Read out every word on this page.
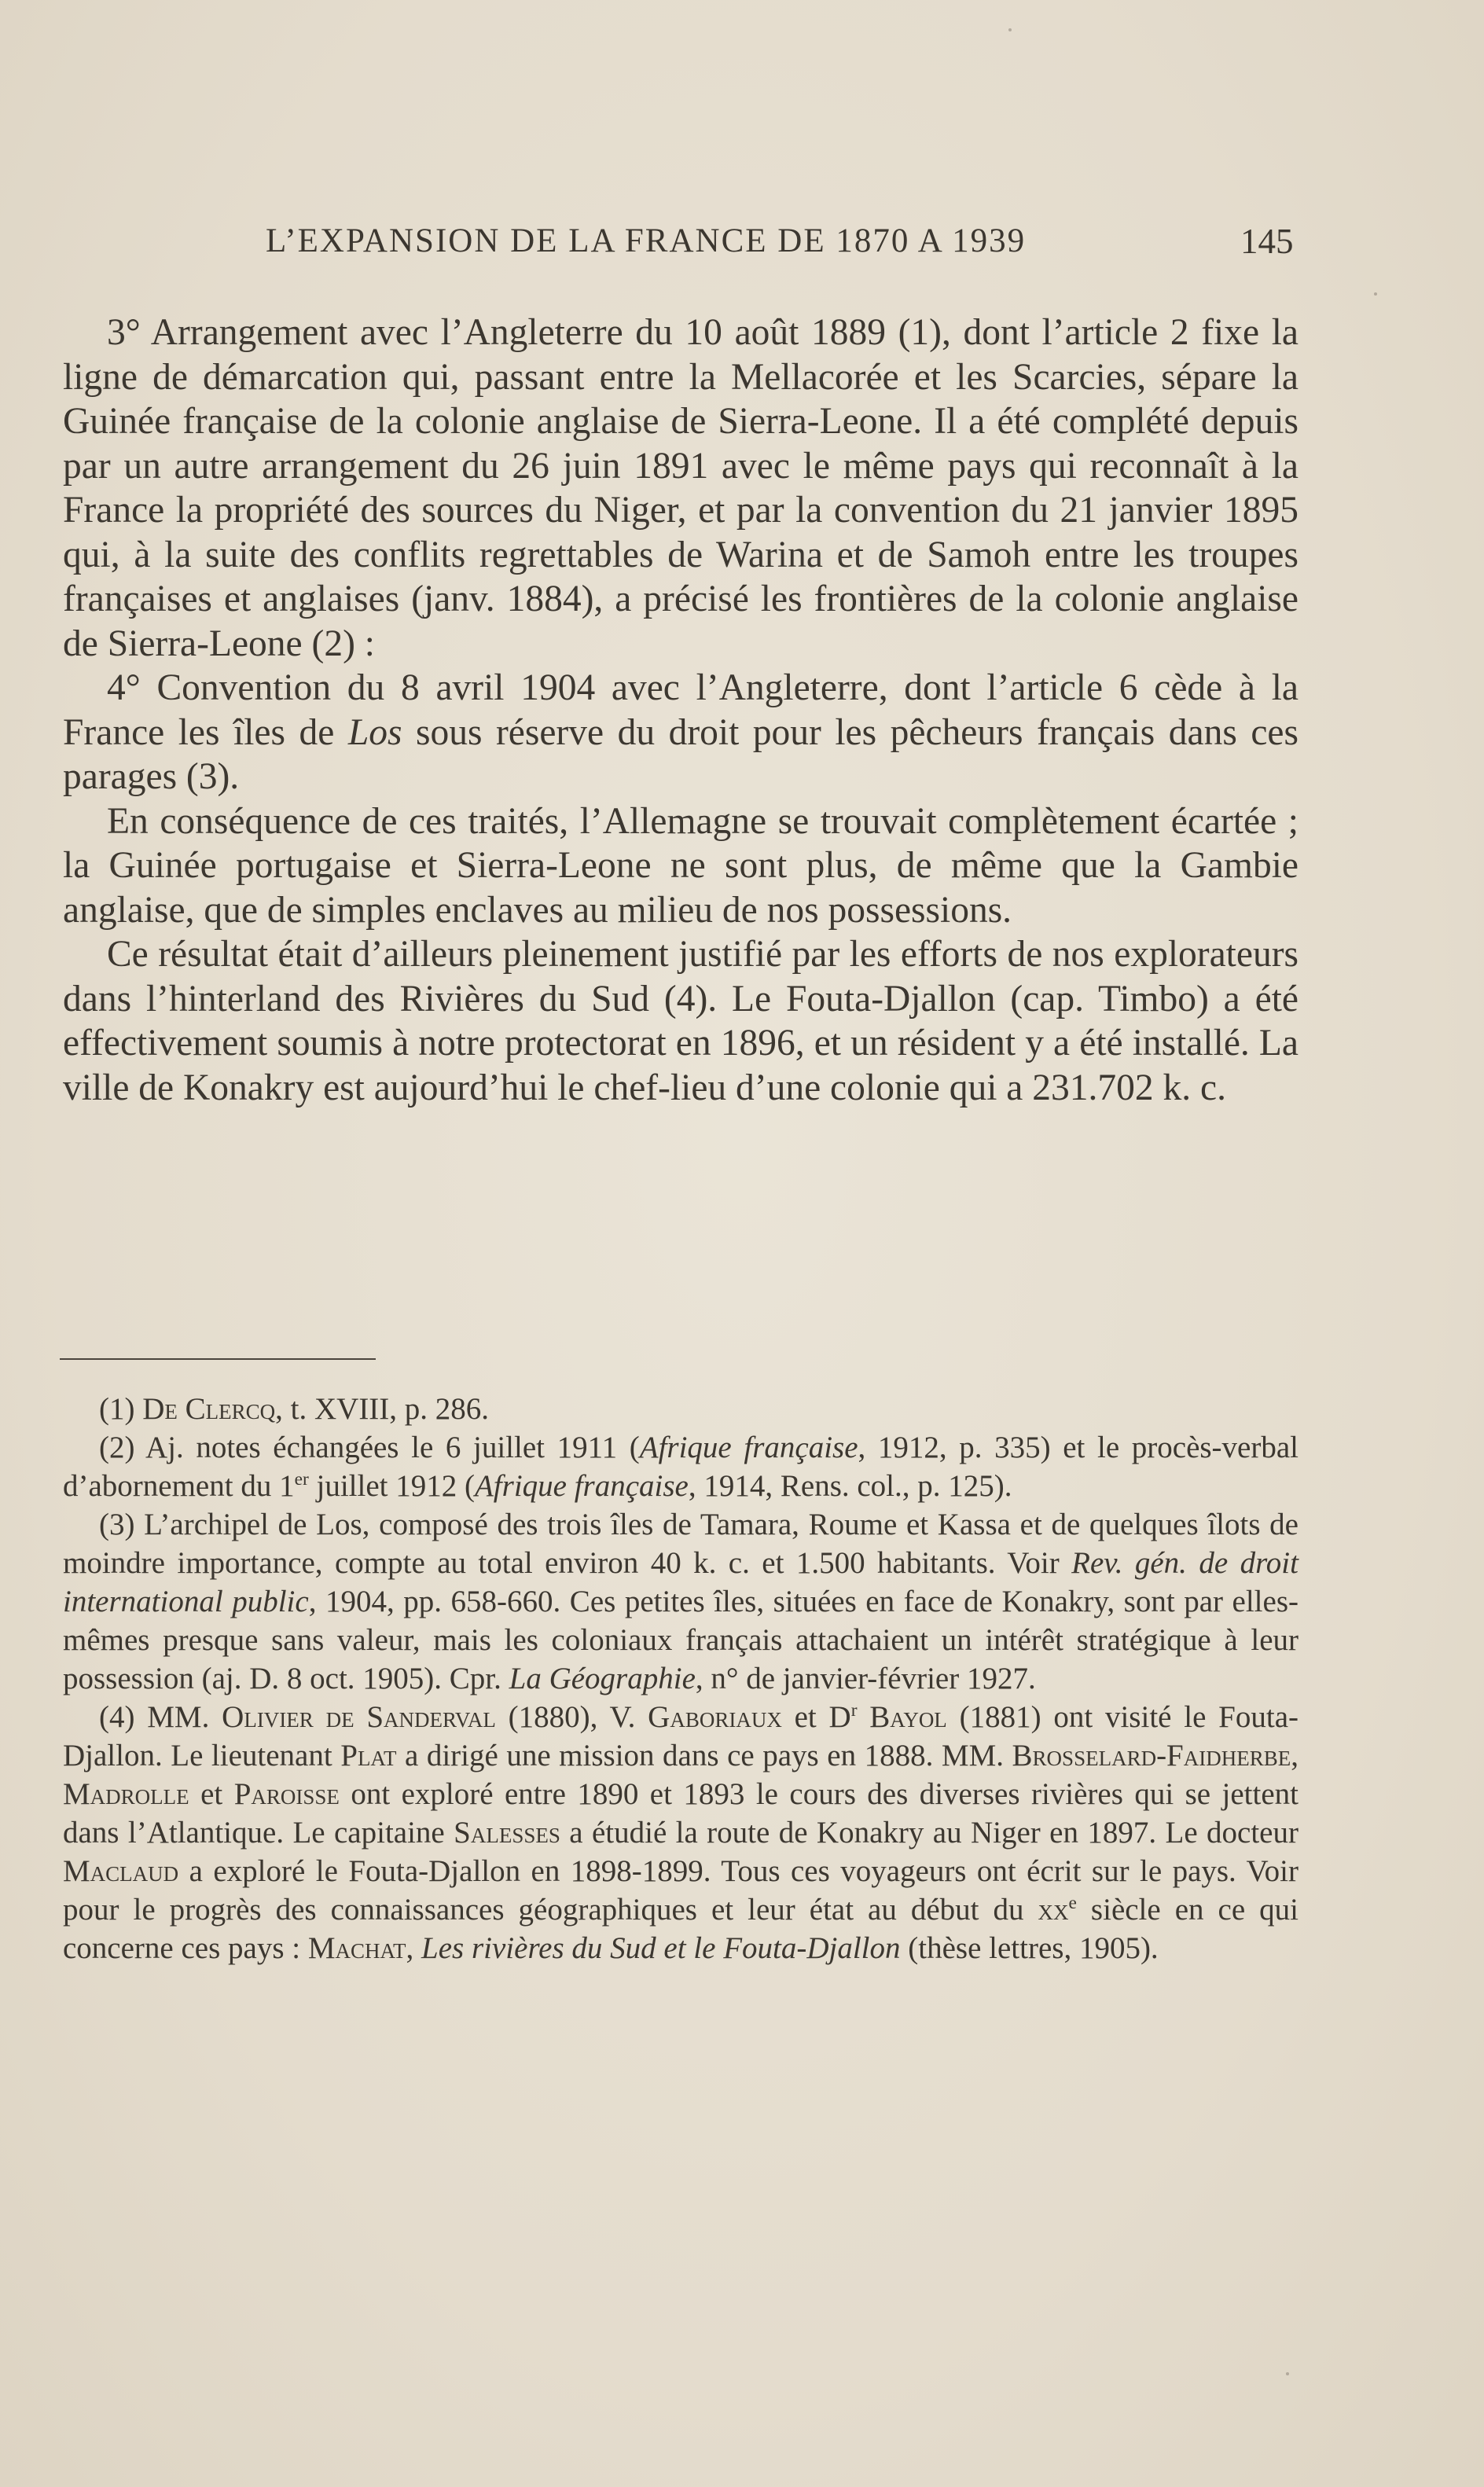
L’EXPANSION DE LA FRANCE DE 1870 A 1939	145

3° Arrangement avec l’Angleterre du 10 août 1889 (1), dont l’article 2 fixe la ligne de démarcation qui, passant entre la Mellacorée et les Scarcies, sépare la Guinée française de la colonie anglaise de Sierra-Leone. Il a été complété depuis par un autre arrangement du 26 juin 1891 avec le même pays qui reconnaît à la France la propriété des sources du Niger, et par la convention du 21 janvier 1895 qui, à la suite des conflits regrettables de Warina et de Samoh entre les troupes françaises et anglaises (janv. 1884), a précisé les frontières de la colonie anglaise de Sierra-Leone (2) :

4° Convention du 8 avril 1904 avec l’Angleterre, dont l’article 6 cède à la France les îles de Los sous réserve du droit pour les pêcheurs français dans ces parages (3).

En conséquence de ces traités, l’Allemagne se trouvait complètement écartée ; la Guinée portugaise et Sierra-Leone ne sont plus, de même que la Gambie anglaise, que de simples enclaves au milieu de nos possessions.

Ce résultat était d’ailleurs pleinement justifié par les efforts de nos explorateurs dans l’hinterland des Rivières du Sud (4). Le Fouta-Djallon (cap. Timbo) a été effectivement soumis à notre protectorat en 1896, et un résident y a été installé. La ville de Konakry est aujourd’hui le chef-lieu d’une colonie qui a 231.702 k. c.

(1) De Clercq, t. XVIII, p. 286.

(2) Aj. notes échangées le 6 juillet 1911 (Afrique française, 1912, p. 335) et le procès-verbal d’abornement du 1er juillet 1912 (Afrique française, 1914, Rens. col., p. 125).

(3) L’archipel de Los, composé des trois îles de Tamara, Roume et Kassa et de quelques îlots de moindre importance, compte au total environ 40 k. c. et 1.500 habitants. Voir Rev. gén. de droit international public, 1904, pp. 658-660. Ces petites îles, situées en face de Konakry, sont par elles-mêmes presque sans valeur, mais les coloniaux français attachaient un intérêt stratégique à leur possession (aj. D. 8 oct. 1905). Cpr. La Géographie, n° de janvier-février 1927.

(4) MM. Olivier de Sanderval (1880), V. Gaboriaux et $D^r$ Bayol (1881) ont visité le Fouta-Djallon. Le lieutenant Plat a dirigé une mission dans ce pays en 1888. MM. Brosselard-Faidherbe, Madrolle et Paroisse ont exploré entre 1890 et 1893 le cours des diverses rivières qui se jettent dans l’Atlantique. Le capitaine Salesses a étudié la route de Konakry au Niger en 1897. Le docteur Maclaud a exploré le Fouta-Djallon en 1898-1899. Tous ces voyageurs ont écrit sur le pays. Voir pour le progrès des connaissances géographiques et leur état au début du $xx^e$ siècle en ce qui concerne ces pays : Machat, Les rivières du Sud et le Fouta-Djallon (thèse lettres, 1905).
